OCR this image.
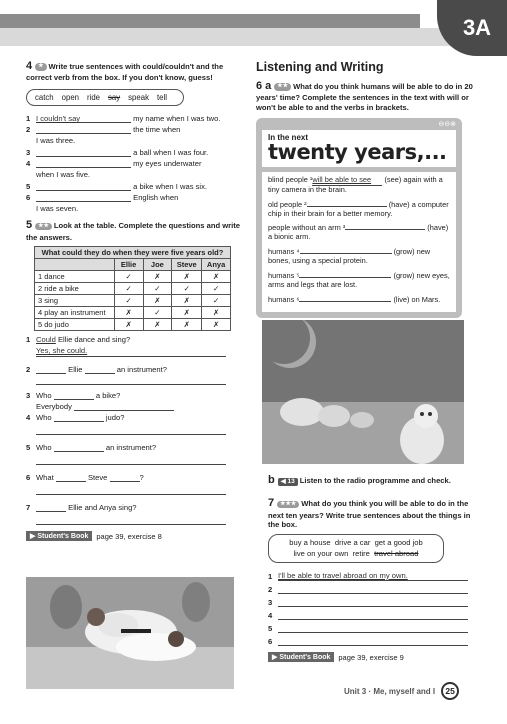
3A
4 ★ Write true sentences with could/couldn't and the correct verb from the box. If you don't know, guess!
catch open ride say speak tell
1 I couldn't say
	my name when I was two.
2
	the time when
I was three.
3
	a ball when I was four.
4
	my eyes underwater
when I was five.
5
	a bike when I was six.
6
	English when
I was seven.
5 ★★ Look at the table. Complete the questions and write the answers.
What could they do when they were five years old?				
	Ellie	Joe	Steve	Anya
1 dance	✓	✗	✗	✗
2 ride a bike	✓	✓	✓	✓
3 sing	✓	✗	✗	✓
4 play an instrument	✗	✓	✗	✗
5 do judo	✗	✗	✗	✗
1 Could
Ellie dance and sing?
Yes, she could.
2
	Ellie

	an instrument?
3 Who

	a bike?
Everybody

4 Who

	judo?
5 Who

	an instrument?
6 What

	Steve
	?
7
	Ellie and Anya sing?
▶ Student's Book	page 39, exercise 8
Listening and Writing
6 a ★★ What do you think humans will be able to do in 20 years' time? Complete the sentences in the text with will or won't be able to and the verbs in brackets.
⊖⊖⊗
In the next
twenty years,...
blind people ¹will be able to see (see) again with a tiny camera in the brain.
old people ²	(have) a computer chip in their brain for a better memory.
people without an arm ³	(have) a bionic arm.
humans ⁴	(grow) new bones, using a special protein.
humans ⁵	(grow) new eyes, arms and legs that are lost.
humans ⁶	(live) on Mars.
b ◀ 13 Listen to the radio programme and check.
7 ★★★ What do you think you will be able to do in the next ten years? Write true sentences about the things in the box.
buy a house drive a car get a good job
live on your own retire travel abroad
1 I'll be able to travel abroad on my own.
2
3
4
5
6
▶ Student's Book	page 39, exercise 9
Unit 3 · Me, myself and I	25
